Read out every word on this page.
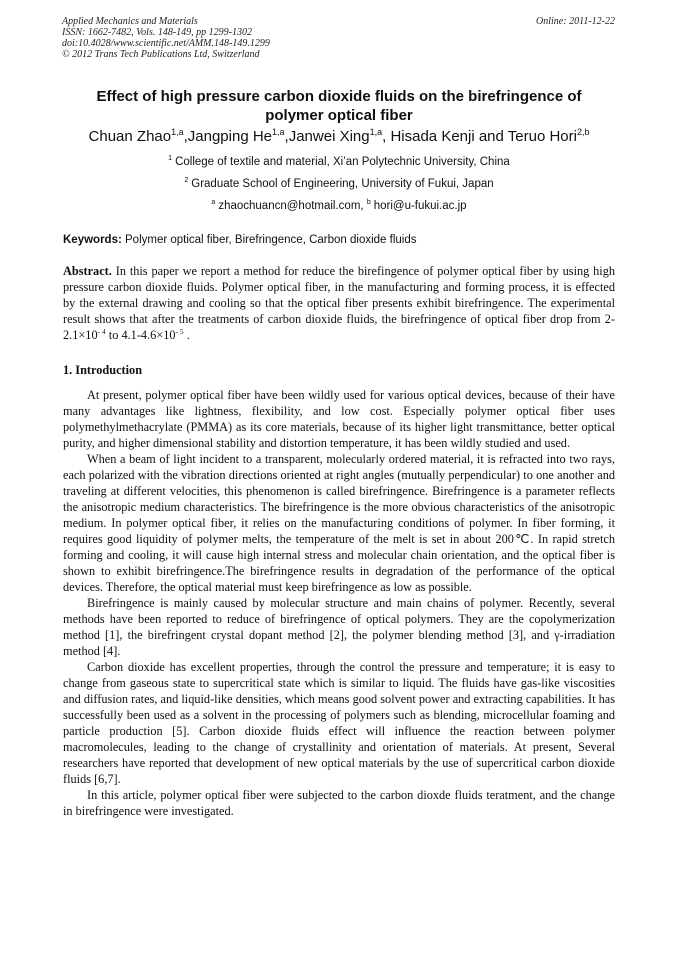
Applied Mechanics and Materials
ISSN: 1662-7482, Vols. 148-149, pp 1299-1302
doi:10.4028/www.scientific.net/AMM.148-149.1299
© 2012 Trans Tech Publications Ltd, Switzerland
Online: 2011-12-22
Effect of high pressure carbon dioxide fluids on the birefringence of polymer optical fiber
Chuan Zhao$^{1,a}$,Jangping He$^{1,a}$,Janwei Xing$^{1,a}$, Hisada Kenji and Teruo Hori$^{2,b}$
$^1$ College of textile and material, Xi’an Polytechnic University, China
$^2$ Graduate School of Engineering, University of Fukui, Japan
$^a$ zhaochuancn@hotmail.com, $^b$ hori@u-fukui.ac.jp
Keywords: Polymer optical fiber, Birefringence, Carbon dioxide fluids
Abstract. In this paper we report a method for reduce the birefingence of polymer optical fiber by using high pressure carbon dioxide fluids. Polymer optical fiber, in the manufacturing and forming process, it is effected by the external drawing and cooling so that the optical fiber presents exhibit birefringence. The experimental result shows that after the treatments of carbon dioxide fluids, the birefringence of optical fiber drop from $2-2.1\times 10^{- 4}$ to $4.1-4.6\times 10^{- 5}$ .
1. Introduction

At present, polymer optical fiber have been wildly used for various optical devices, because of their have many advantages like lightness, flexibility, and low cost. Especially polymer optical fiber uses polymethylmethacrylate (PMMA) as its core materials, because of its higher light transmittance, better optical purity, and higher dimensional stability and distortion temperature, it has been wildly studied and used.

When a beam of light incident to a transparent, molecularly ordered material, it is refracted into two rays, each polarized with the vibration directions oriented at right angles (mutually perpendicular) to one another and traveling at different velocities, this phenomenon is called birefringence. Birefringence is a parameter reflects the anisotropic medium characteristics. The birefringence is the more obvious characteristics of the anisotropic medium. In polymer optical fiber, it relies on the manufacturing conditions of polymer. In fiber forming, it requires good liquidity of polymer melts, the temperature of the melt is set in about 200℃. In rapid stretch forming and cooling, it will cause high internal stress and molecular chain orientation, and the optical fiber is shown to exhibit birefringence.The birefringence results in degradation of the performance of the optical devices. Therefore, the optical material must keep birefringence as low as possible.

Birefringence is mainly caused by molecular structure and main chains of polymer. Recently, several methods have been reported to reduce of birefringence of optical polymers. They are the copolymerization method [1], the birefringent crystal dopant method [2], the polymer blending method [3], and γ-irradiation method [4].

Carbon dioxide has excellent properties, through the control the pressure and temperature; it is easy to change from gaseous state to supercritical state which is similar to liquid. The fluids have gas-like viscosities and diffusion rates, and liquid-like densities, which means good solvent power and extracting capabilities. It has successfully been used as a solvent in the processing of polymers such as blending, microcellular foaming and particle production [5]. Carbon dioxide fluids effect will influence the reaction between polymer macromolecules, leading to the change of crystallinity and orientation of materials. At present, Several researchers have reported that development of new optical materials by the use of supercritical carbon dioxide fluids [6,7].

In this article, polymer optical fiber were subjected to the carbon dioxde fluids teratment, and the change in birefringence were investigated.
